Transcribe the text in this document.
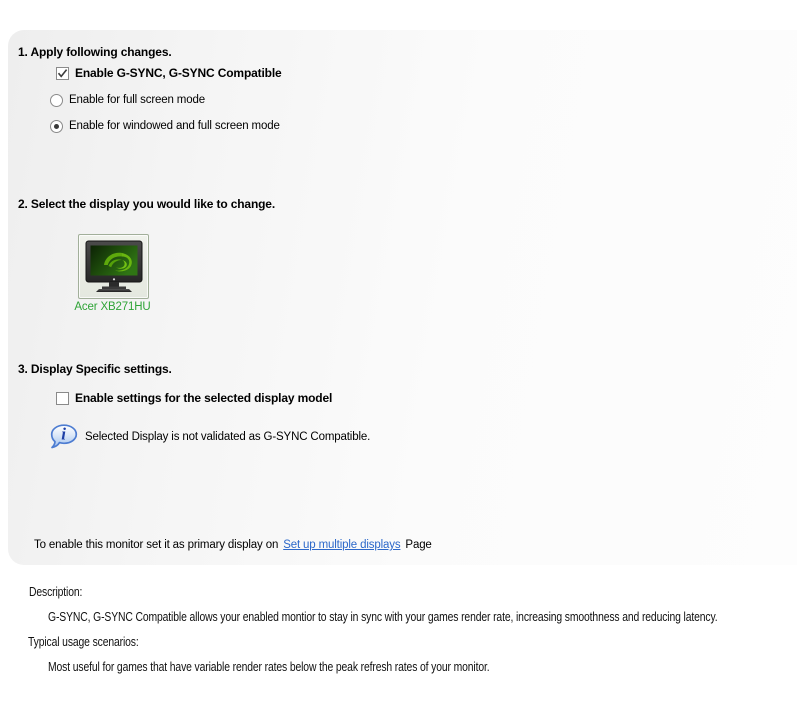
1. Apply following changes.
Enable G-SYNC, G-SYNC Compatible
Enable for full screen mode
Enable for windowed and full screen mode
2. Select the display you would like to change.
Acer XB271HU
3. Display Specific settings.
Enable settings for the selected display model
i Selected Display is not validated as G-SYNC Compatible.
To enable this monitor set it as primary display on Set up multiple displays Page
Description:
G-SYNC, G-SYNC Compatible allows your enabled montior to stay in sync with your games render rate, increasing smoothness and reducing latency.
Typical usage scenarios:
Most useful for games that have variable render rates below the peak refresh rates of your monitor.
